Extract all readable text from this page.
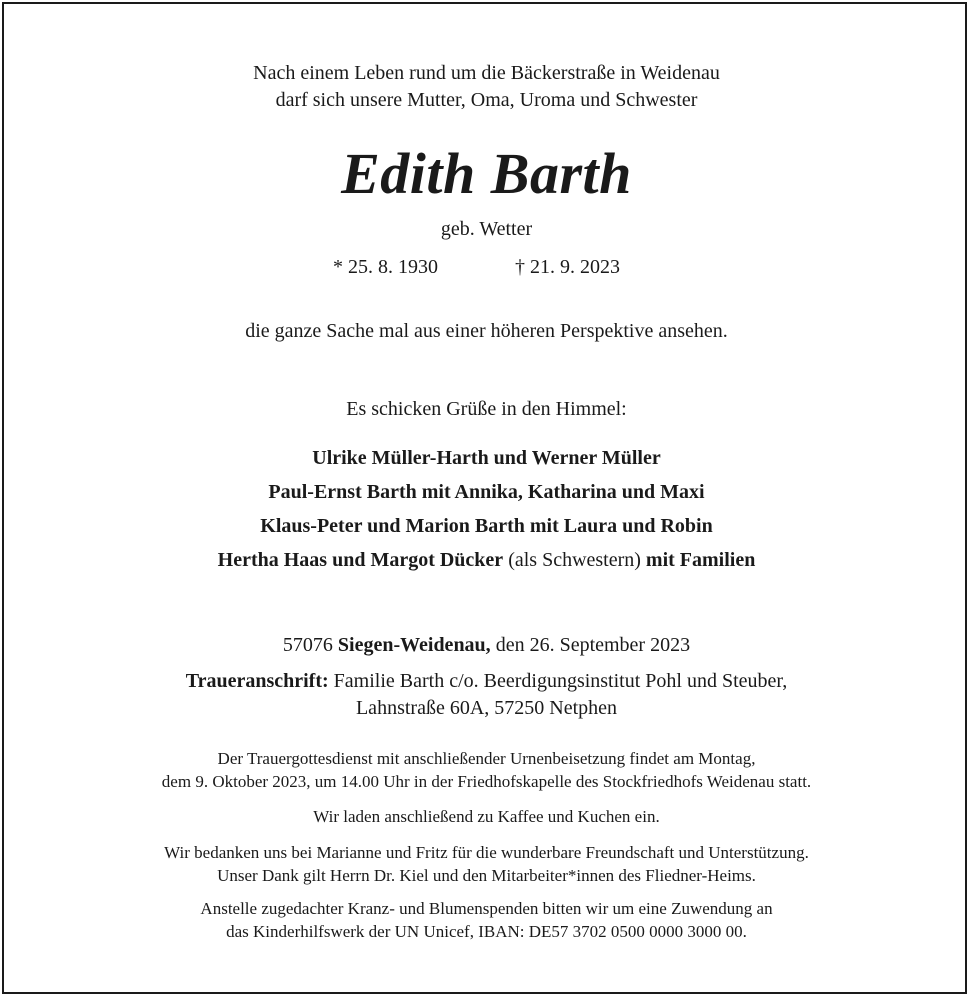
Nach einem Leben rund um die Bäckerstraße in Weidenau
darf sich unsere Mutter, Oma, Uroma und Schwester
Edith Barth
geb. Wetter
* 25. 8. 1930	† 21. 9. 2023
die ganze Sache mal aus einer höheren Perspektive ansehen.
Es schicken Grüße in den Himmel:
Ulrike Müller-Harth und Werner Müller
Paul-Ernst Barth mit Annika, Katharina und Maxi
Klaus-Peter und Marion Barth mit Laura und Robin
Hertha Haas und Margot Dücker (als Schwestern) mit Familien
57076 Siegen-Weidenau, den 26. September 2023
Traueranschrift: Familie Barth c/o. Beerdigungsinstitut Pohl und Steuber,
Lahnstraße 60A, 57250 Netphen
Der Trauergottesdienst mit anschließender Urnenbeisetzung findet am Montag,
dem 9. Oktober 2023, um 14.00 Uhr in der Friedhofskapelle des Stockfriedhofs Weidenau statt.
Wir laden anschließend zu Kaffee und Kuchen ein.
Wir bedanken uns bei Marianne und Fritz für die wunderbare Freundschaft und Unterstützung.
Unser Dank gilt Herrn Dr. Kiel und den Mitarbeiter*innen des Fliedner-Heims.
Anstelle zugedachter Kranz- und Blumenspenden bitten wir um eine Zuwendung an
das Kinderhilfswerk der UN Unicef, IBAN: DE57 3702 0500 0000 3000 00.
